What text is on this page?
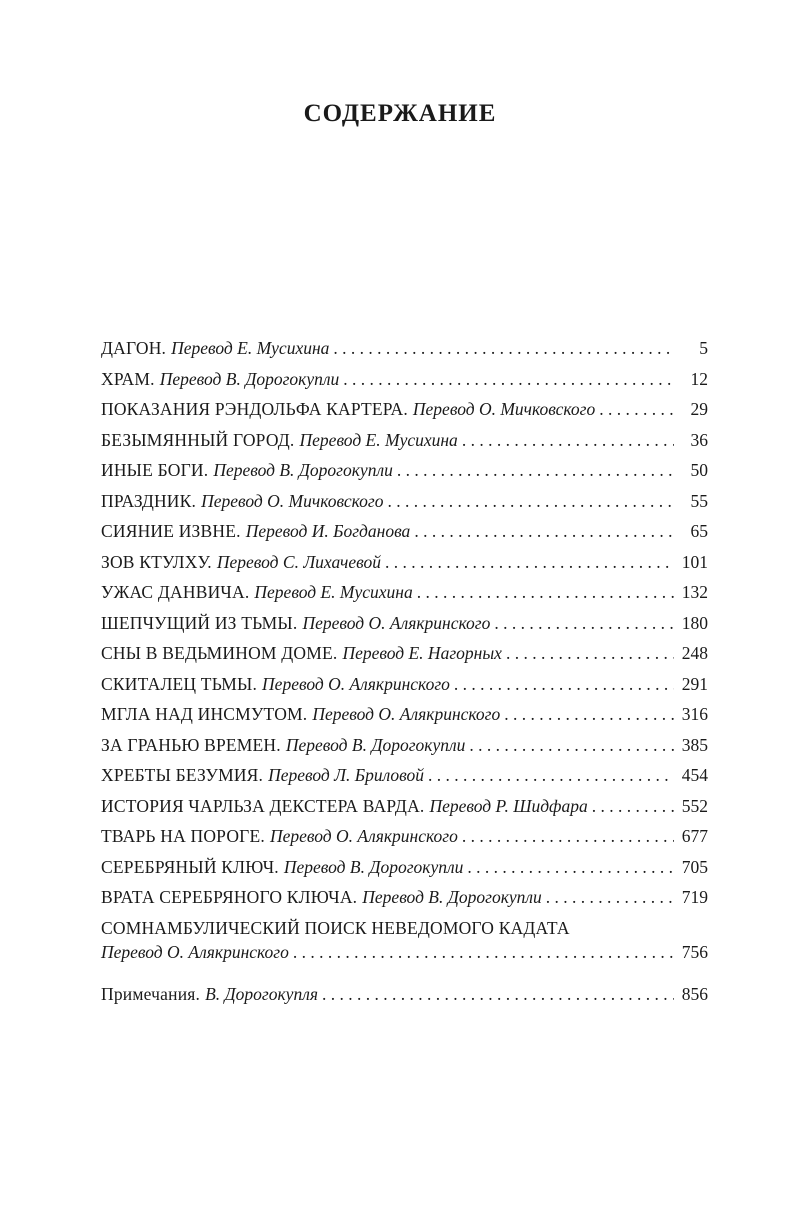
СОДЕРЖАНИЕ
ДАГОН. Перевод Е. Мусихина . . .	5
ХРАМ. Перевод В. Дорогокупли . . .	12
ПОКАЗАНИЯ РЭНДОЛЬФА КАРТЕРА. Перевод О. Мичковского . . .	29
БЕЗЫМЯННЫЙ ГОРОД. Перевод Е. Мусихина . . .	36
ИНЫЕ БОГИ. Перевод В. Дорогокупли . . .	50
ПРАЗДНИК. Перевод О. Мичковского . . .	55
СИЯНИЕ ИЗВНЕ. Перевод И. Богданова . . .	65
ЗОВ КТУЛХУ. Перевод С. Лихачевой . . .	101
УЖАС ДАНВИЧА. Перевод Е. Мусихина . . .	132
ШЕПЧУЩИЙ ИЗ ТЬМЫ. Перевод О. Алякринского . . .	180
СНЫ В ВЕДЬМИНОМ ДОМЕ. Перевод Е. Нагорных . . .	248
СКИТАЛЕЦ ТЬМЫ. Перевод О. Алякринского . . .	291
МГЛА НАД ИНСМУТОМ. Перевод О. Алякринского . . .	316
ЗА ГРАНЬЮ ВРЕМЕН. Перевод В. Дорогокупли . . .	385
ХРЕБТЫ БЕЗУМИЯ. Перевод Л. Бриловой . . .	454
ИСТОРИЯ ЧАРЛЬЗА ДЕКСТЕРА ВАРДА. Перевод Р. Шидфара . . .	552
ТВАРЬ НА ПОРОГЕ. Перевод О. Алякринского . . .	677
СЕРЕБРЯНЫЙ КЛЮЧ. Перевод В. Дорогокупли . . .	705
ВРАТА СЕРЕБРЯНОГО КЛЮЧА. Перевод В. Дорогокупли . . .	719
СОМНАМБУЛИЧЕСКИЙ ПОИСК НЕВЕДОМОГО КАДАТА
Перевод О. Алякринского . . .	756
Примечания. В. Дорогокупля . . .	856
